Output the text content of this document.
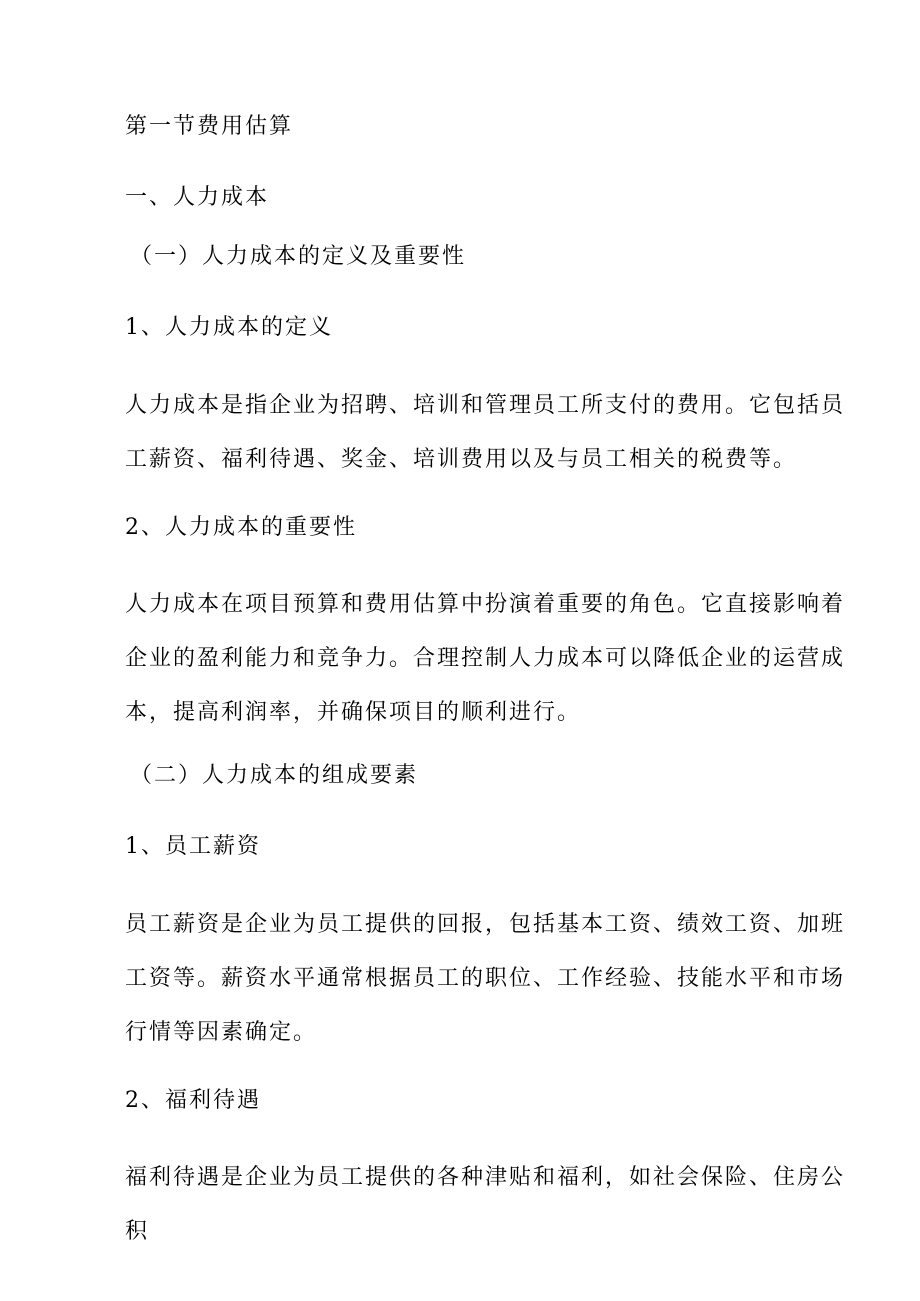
第一节费用估算
一、人力成本
（一）人力成本的定义及重要性
1、人力成本的定义
人力成本是指企业为招聘、培训和管理员工所支付的费用。它包括员工薪资、福利待遇、奖金、培训费用以及与员工相关的税费等。
2、人力成本的重要性
人力成本在项目预算和费用估算中扮演着重要的角色。它直接影响着企业的盈利能力和竞争力。合理控制人力成本可以降低企业的运营成本，提高利润率，并确保项目的顺利进行。
（二）人力成本的组成要素
1、员工薪资
员工薪资是企业为员工提供的回报，包括基本工资、绩效工资、加班工资等。薪资水平通常根据员工的职位、工作经验、技能水平和市场行情等因素确定。
2、福利待遇
福利待遇是企业为员工提供的各种津贴和福利，如社会保险、住房公积
